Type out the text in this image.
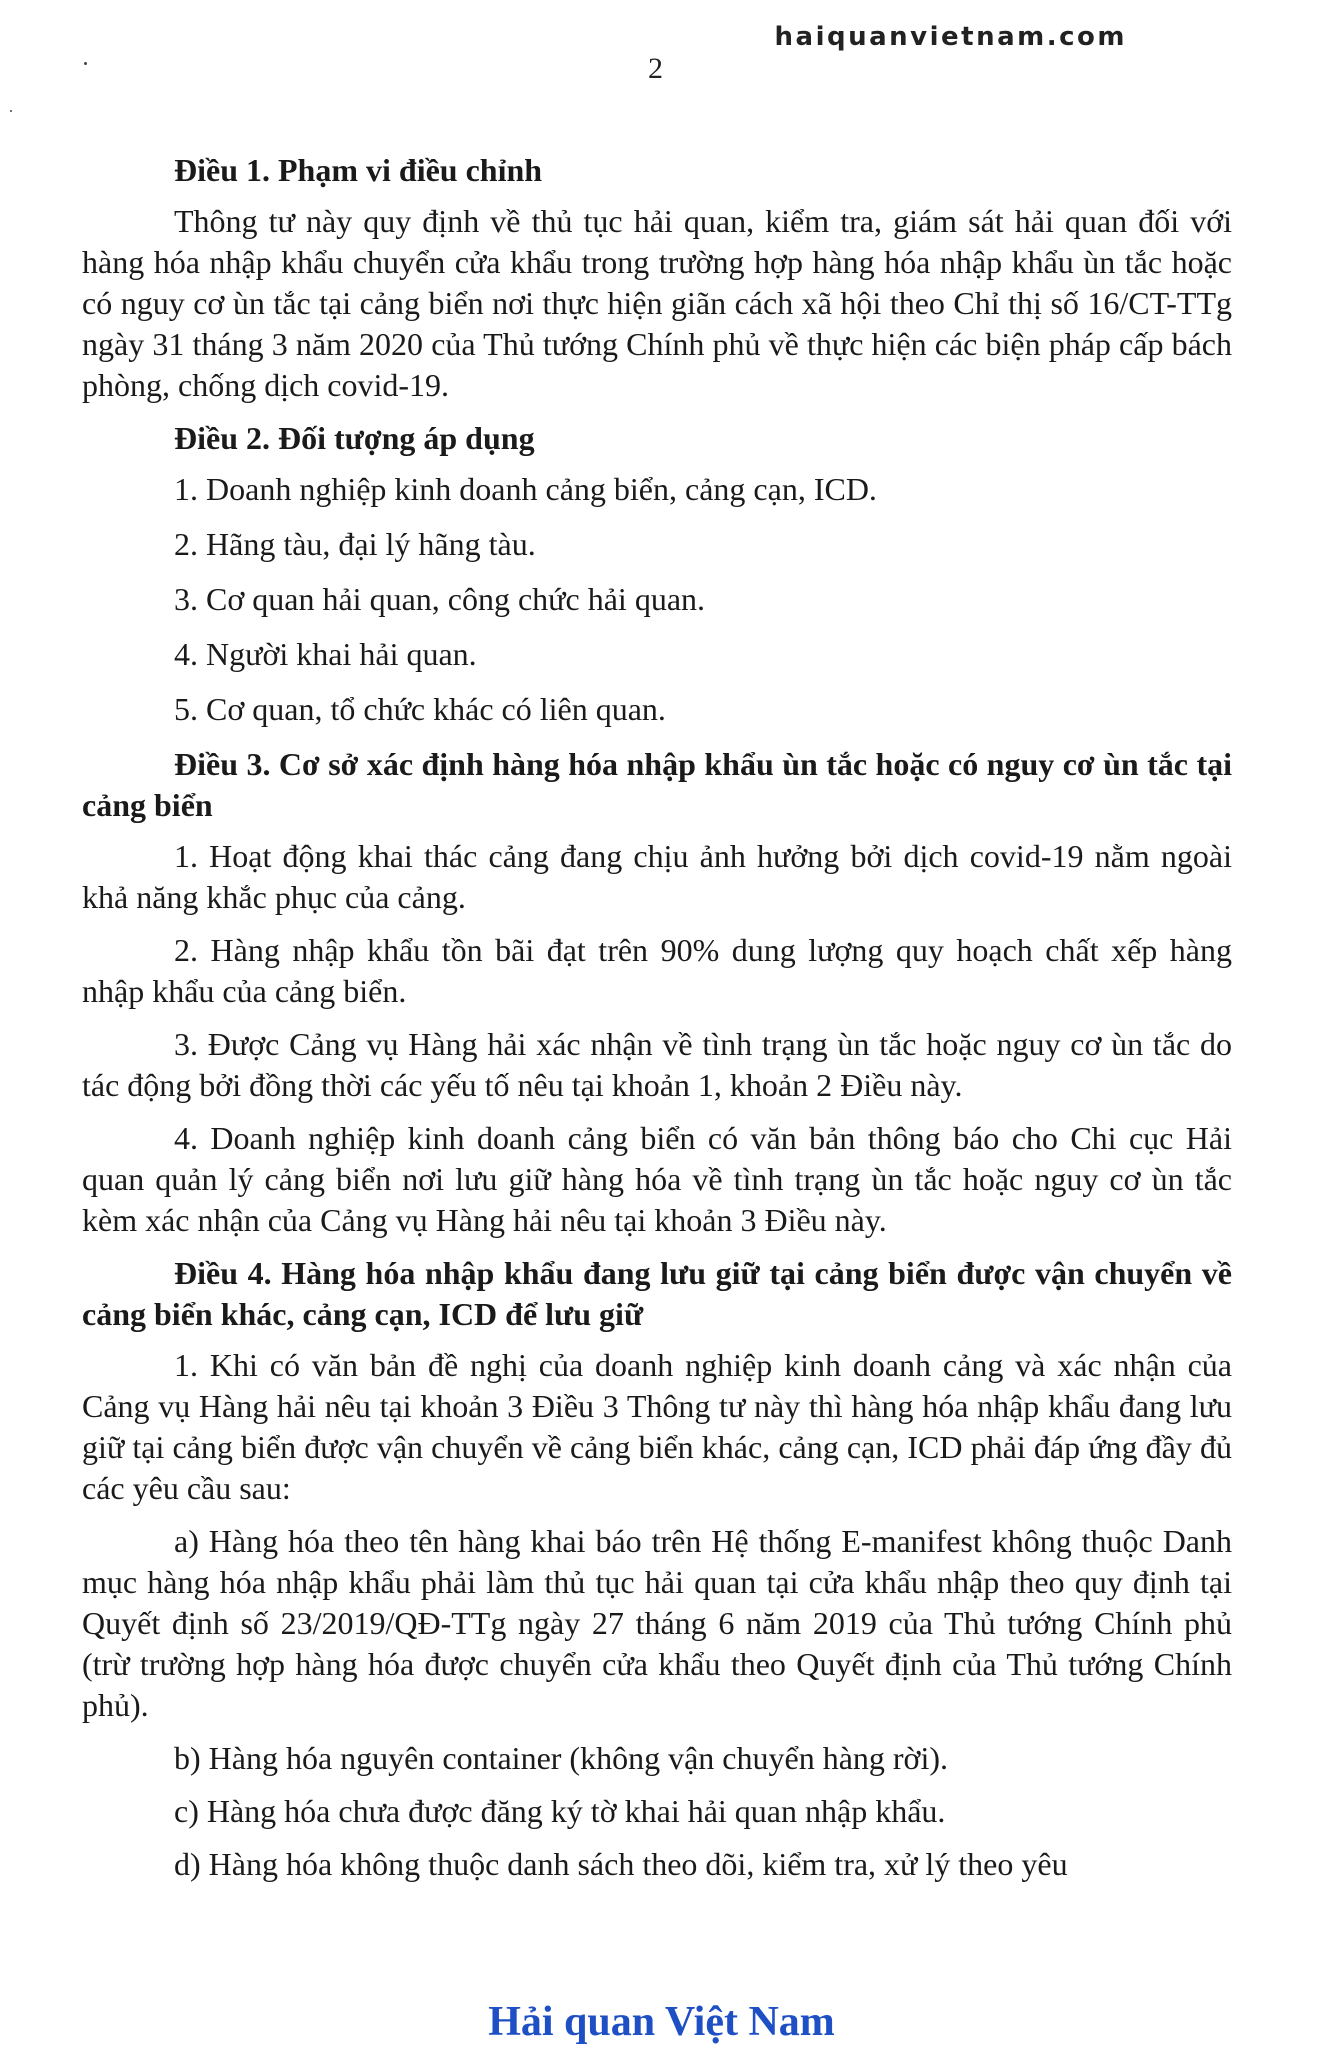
haiquanvietnam.com
2
Điều 1. Phạm vi điều chỉnh
Thông tư này quy định về thủ tục hải quan, kiểm tra, giám sát hải quan đối với hàng hóa nhập khẩu chuyển cửa khẩu trong trường hợp hàng hóa nhập khẩu ùn tắc hoặc có nguy cơ ùn tắc tại cảng biển nơi thực hiện giãn cách xã hội theo Chỉ thị số 16/CT-TTg ngày 31 tháng 3 năm 2020 của Thủ tướng Chính phủ về thực hiện các biện pháp cấp bách phòng, chống dịch covid-19.
Điều 2. Đối tượng áp dụng
1. Doanh nghiệp kinh doanh cảng biển, cảng cạn, ICD.
2. Hãng tàu, đại lý hãng tàu.
3. Cơ quan hải quan, công chức hải quan.
4. Người khai hải quan.
5. Cơ quan, tổ chức khác có liên quan.
Điều 3. Cơ sở xác định hàng hóa nhập khẩu ùn tắc hoặc có nguy cơ ùn tắc tại cảng biển
1. Hoạt động khai thác cảng đang chịu ảnh hưởng bởi dịch covid-19 nằm ngoài khả năng khắc phục của cảng.
2. Hàng nhập khẩu tồn bãi đạt trên 90% dung lượng quy hoạch chất xếp hàng nhập khẩu của cảng biển.
3. Được Cảng vụ Hàng hải xác nhận về tình trạng ùn tắc hoặc nguy cơ ùn tắc do tác động bởi đồng thời các yếu tố nêu tại khoản 1, khoản 2 Điều này.
4. Doanh nghiệp kinh doanh cảng biển có văn bản thông báo cho Chi cục Hải quan quản lý cảng biển nơi lưu giữ hàng hóa về tình trạng ùn tắc hoặc nguy cơ ùn tắc kèm xác nhận của Cảng vụ Hàng hải nêu tại khoản 3 Điều này.
Điều 4. Hàng hóa nhập khẩu đang lưu giữ tại cảng biển được vận chuyển về cảng biển khác, cảng cạn, ICD để lưu giữ
1. Khi có văn bản đề nghị của doanh nghiệp kinh doanh cảng và xác nhận của Cảng vụ Hàng hải nêu tại khoản 3 Điều 3 Thông tư này thì hàng hóa nhập khẩu đang lưu giữ tại cảng biển được vận chuyển về cảng biển khác, cảng cạn, ICD phải đáp ứng đầy đủ các yêu cầu sau:
a) Hàng hóa theo tên hàng khai báo trên Hệ thống E-manifest không thuộc Danh mục hàng hóa nhập khẩu phải làm thủ tục hải quan tại cửa khẩu nhập theo quy định tại Quyết định số 23/2019/QĐ-TTg ngày 27 tháng 6 năm 2019 của Thủ tướng Chính phủ (trừ trường hợp hàng hóa được chuyển cửa khẩu theo Quyết định của Thủ tướng Chính phủ).
b) Hàng hóa nguyên container (không vận chuyển hàng rời).
c) Hàng hóa chưa được đăng ký tờ khai hải quan nhập khẩu.
d) Hàng hóa không thuộc danh sách theo dõi, kiểm tra, xử lý theo yêu
Hải quan Việt Nam
